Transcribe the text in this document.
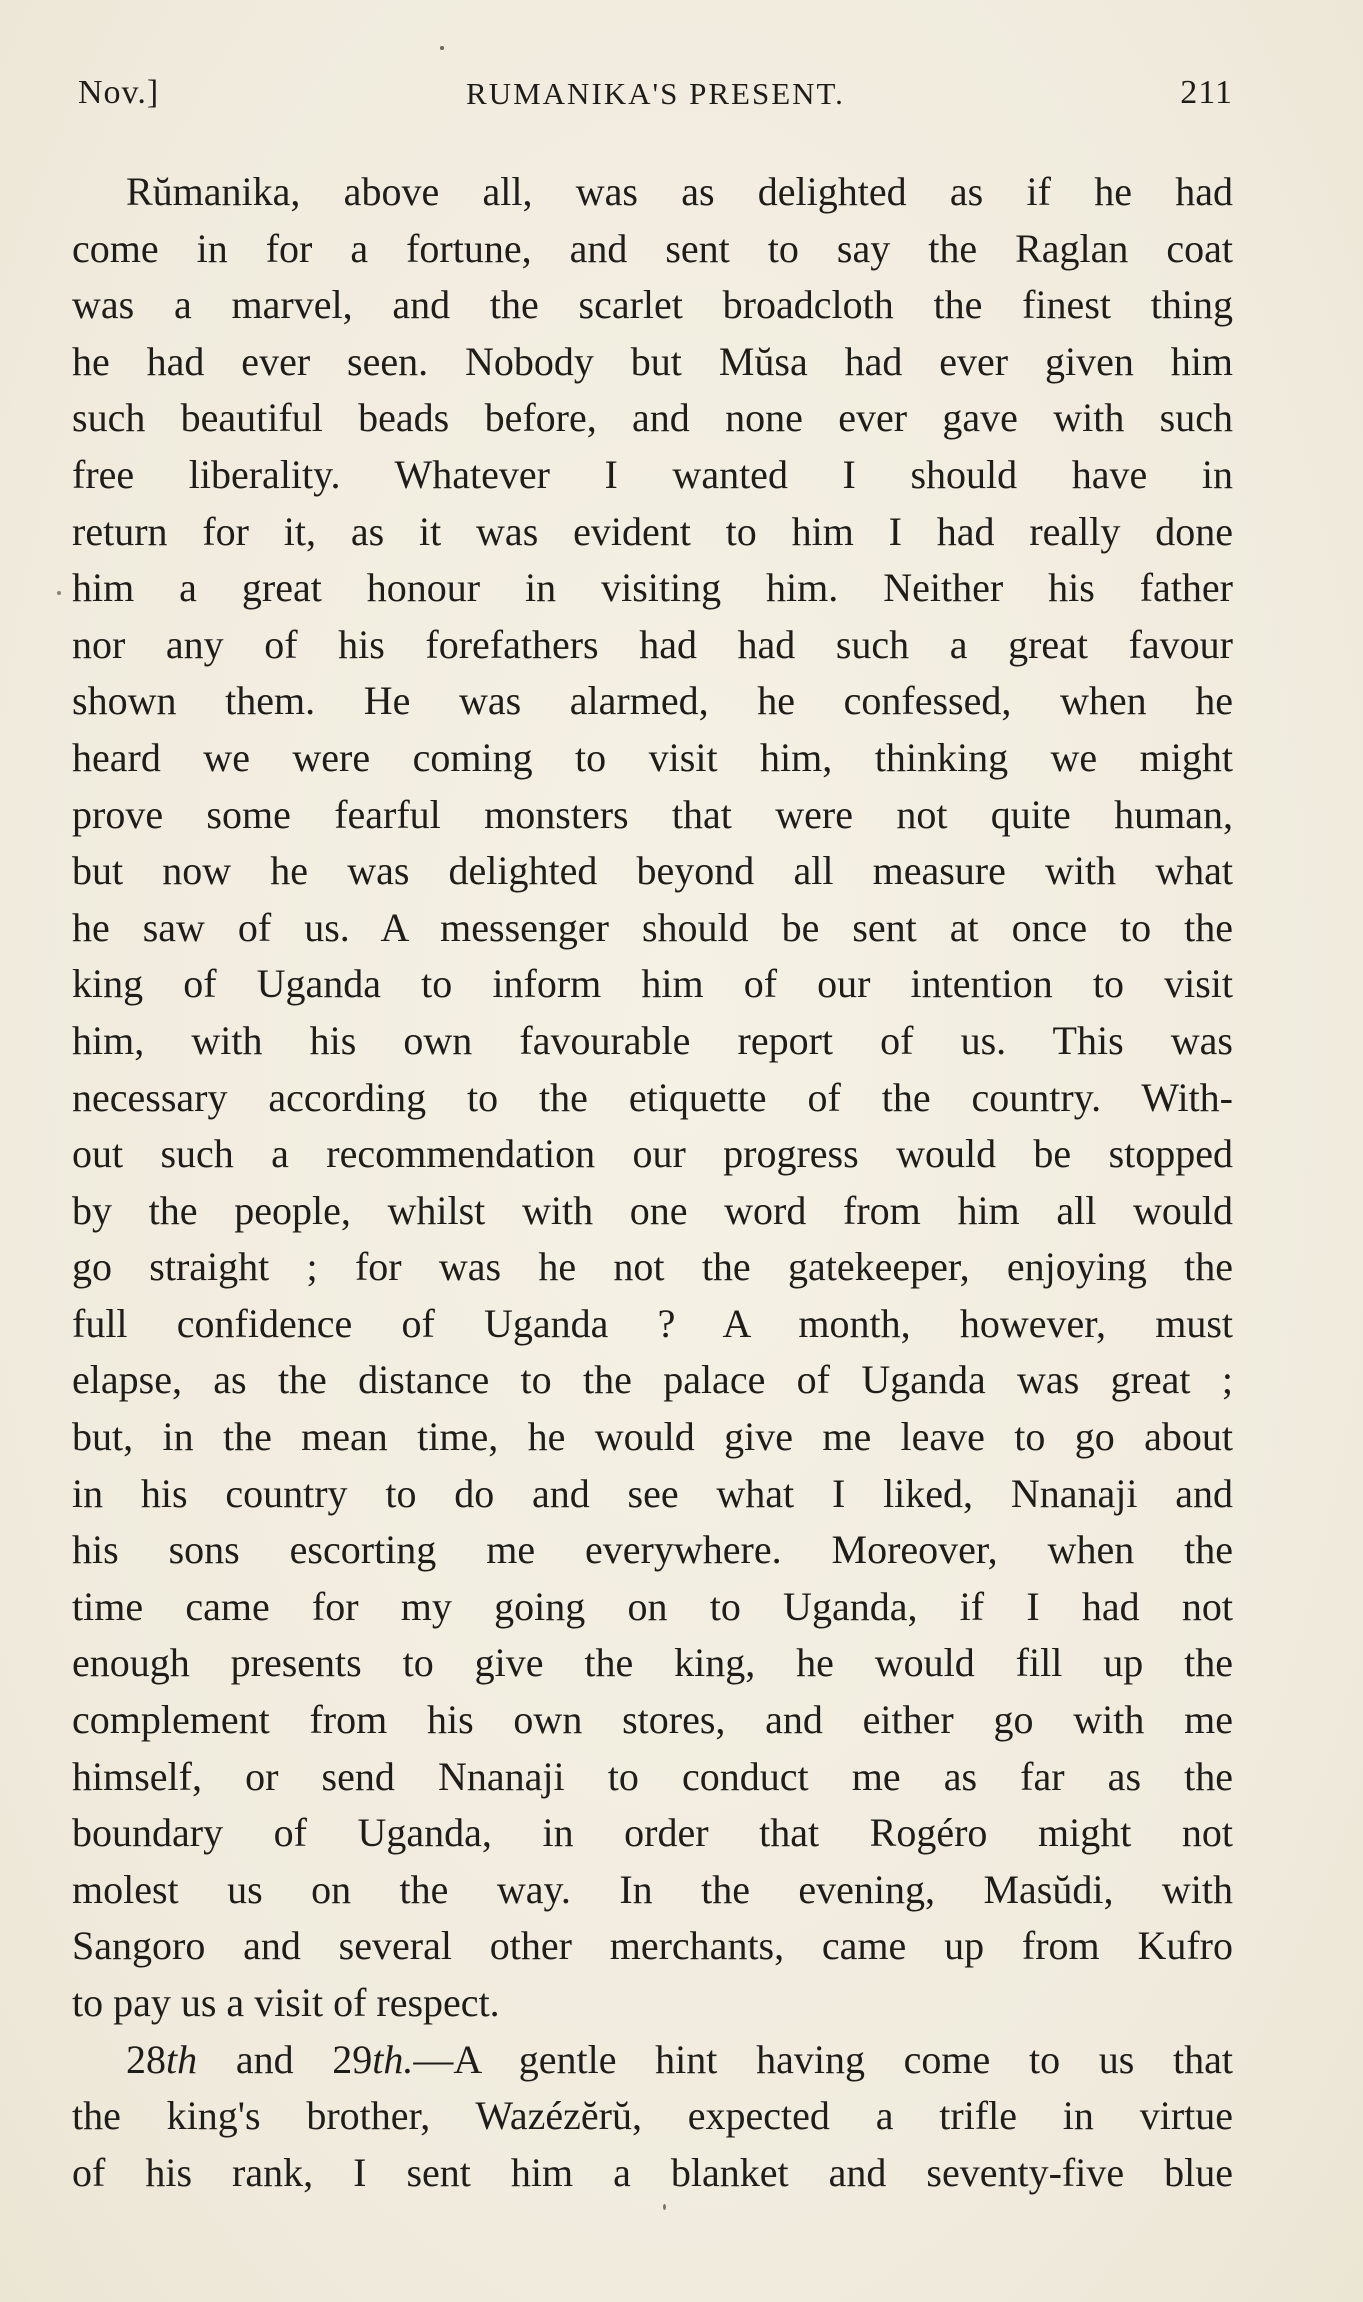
Nov.]	RUMANIKA'S PRESENT.	211
Rŭmanika, above all, was as delighted as if he had
come in for a fortune, and sent to say the Raglan coat
was a marvel, and the scarlet broadcloth the finest thing
he had ever seen. Nobody but Mŭsa had ever given him
such beautiful beads before, and none ever gave with such
free liberality. Whatever I wanted I should have in
return for it, as it was evident to him I had really done
him a great honour in visiting him. Neither his father
nor any of his forefathers had had such a great favour
shown them. He was alarmed, he confessed, when he
heard we were coming to visit him, thinking we might
prove some fearful monsters that were not quite human,
but now he was delighted beyond all measure with what
he saw of us. A messenger should be sent at once to the
king of Uganda to inform him of our intention to visit
him, with his own favourable report of us. This was
necessary according to the etiquette of the country. With-
out such a recommendation our progress would be stopped
by the people, whilst with one word from him all would
go straight ; for was he not the gatekeeper, enjoying the
full confidence of Uganda ? A month, however, must
elapse, as the distance to the palace of Uganda was great ;
but, in the mean time, he would give me leave to go about
in his country to do and see what I liked, Nnanaji and
his sons escorting me everywhere. Moreover, when the
time came for my going on to Uganda, if I had not
enough presents to give the king, he would fill up the
complement from his own stores, and either go with me
himself, or send Nnanaji to conduct me as far as the
boundary of Uganda, in order that Rogéro might not
molest us on the way. In the evening, Masŭdi, with
Sangoro and several other merchants, came up from Kufro
to pay us a visit of respect.
28th and 29th.—A gentle hint having come to us that
the king's brother, Wazézĕrŭ, expected a trifle in virtue
of his rank, I sent him a blanket and seventy-five blue
